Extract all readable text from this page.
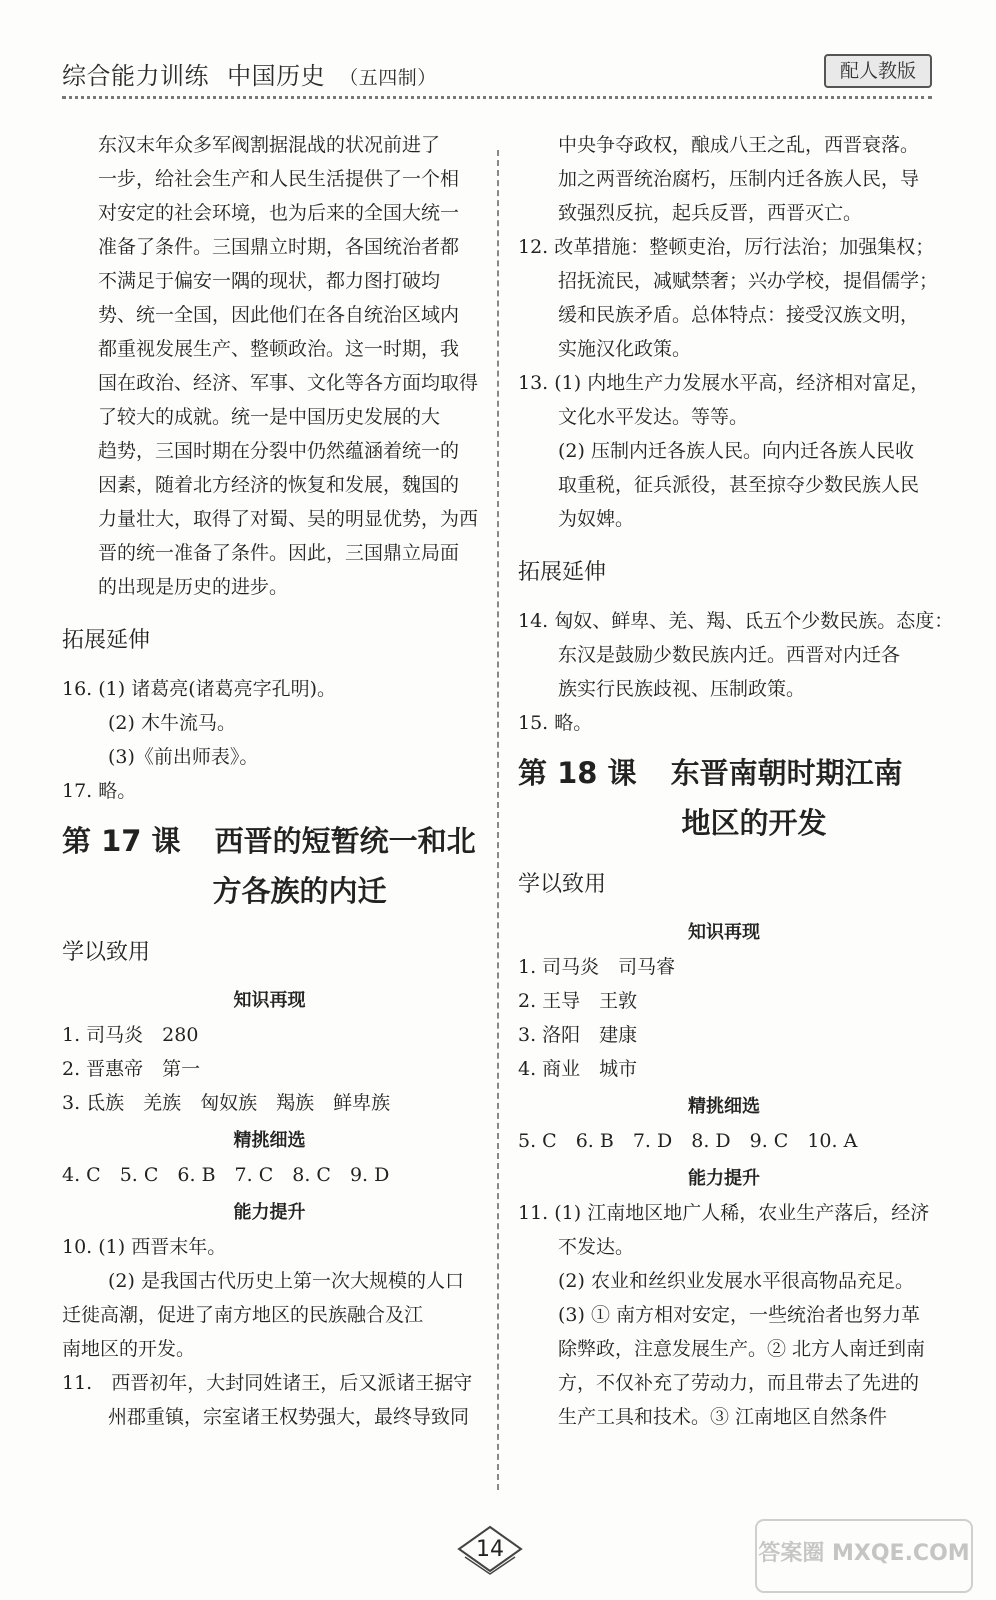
综合能力训练 中国历史 （五四制）	配人教版
东汉末年众多军阀割据混战的状况前进了
一步，给社会生产和人民生活提供了一个相
对安定的社会环境，也为后来的全国大统一
准备了条件。三国鼎立时期，各国统治者都
不满足于偏安一隅的现状，都力图打破均
势、统一全国，因此他们在各自统治区域内
都重视发展生产、整顿政治。这一时期，我
国在政治、经济、军事、文化等各方面均取得
了较大的成就。统一是中国历史发展的大
趋势，三国时期在分裂中仍然蕴涵着统一的
因素，随着北方经济的恢复和发展，魏国的
力量壮大，取得了对蜀、吴的明显优势，为西
晋的统一准备了条件。因此，三国鼎立局面
的出现是历史的进步。
拓展延伸
16. (1) 诸葛亮(诸葛亮字孔明)。
(2) 木牛流马。
(3)《前出师表》。
17. 略。
第 17 课 西晋的短暂统一和北
方各族的内迁
学以致用
知识再现
1. 司马炎　280
2. 晋惠帝　第一
3. 氐族　羌族　匈奴族　羯族　鲜卑族
精挑细选
4. C　5. C　6. B　7. C　8. C　9. D
能力提升
10. (1) 西晋末年。
(2) 是我国古代历史上第一次大规模的人口
迁徙高潮，促进了南方地区的民族融合及江
南地区的开发。
11.　西晋初年，大封同姓诸王，后又派诸王据守
州郡重镇，宗室诸王权势强大，最终导致同
中央争夺政权，酿成八王之乱，西晋衰落。
加之两晋统治腐朽，压制内迁各族人民，导
致强烈反抗，起兵反晋，西晋灭亡。
12. 改革措施：整顿吏治，厉行法治；加强集权；
招抚流民，减赋禁奢；兴办学校，提倡儒学；
缓和民族矛盾。总体特点：接受汉族文明，
实施汉化政策。
13. (1) 内地生产力发展水平高，经济相对富足，
文化水平发达。等等。
(2) 压制内迁各族人民。向内迁各族人民收
取重税，征兵派役，甚至掠夺少数民族人民
为奴婢。
拓展延伸
14. 匈奴、鲜卑、羌、羯、氐五个少数民族。态度：
东汉是鼓励少数民族内迁。西晋对内迁各
族实行民族歧视、压制政策。
15. 略。
第 18 课 东晋南朝时期江南
地区的开发
学以致用
知识再现
1. 司马炎　司马睿
2. 王导　王敦
3. 洛阳　建康
4. 商业　城市
精挑细选
5. C　6. B　7. D　8. D　9. C　10. A
能力提升
11. (1) 江南地区地广人稀，农业生产落后，经济
不发达。
(2) 农业和丝织业发展水平很高物品充足。
(3) ① 南方相对安定，一些统治者也努力革
除弊政，注意发展生产。② 北方人南迁到南
方，不仅补充了劳动力，而且带去了先进的
生产工具和技术。③ 江南地区自然条件
14	答案圈 MXQE.COM
